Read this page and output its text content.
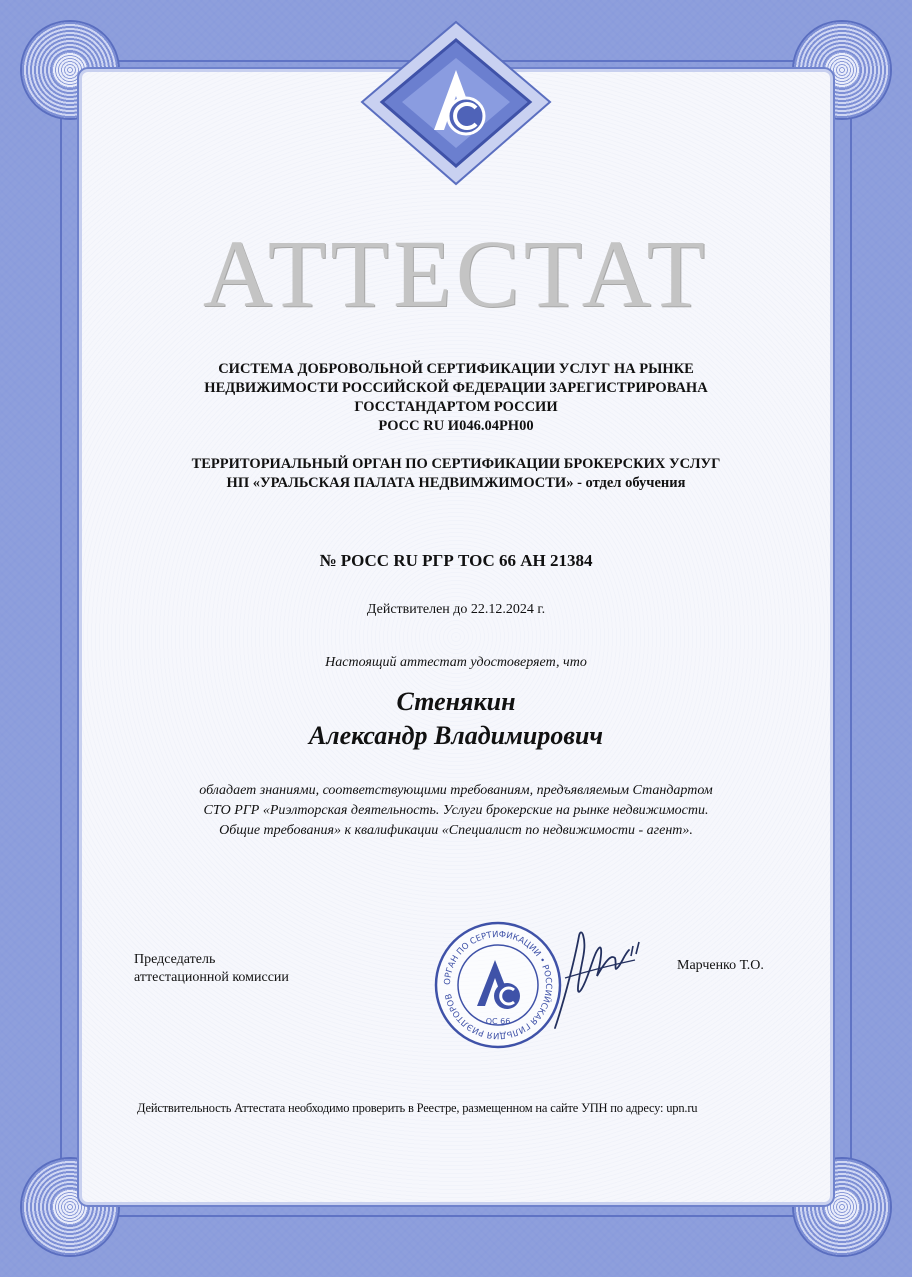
АТТЕСТАТ
СИСТЕМА ДОБРОВОЛЬНОЙ СЕРТИФИКАЦИИ УСЛУГ НА РЫНКЕ
НЕДВИЖИМОСТИ РОССИЙСКОЙ ФЕДЕРАЦИИ ЗАРЕГИСТРИРОВАНА
ГОССТАНДАРТОМ РОССИИ
РОСС RU И046.04РН00
ТЕРРИТОРИАЛЬНЫЙ ОРГАН ПО СЕРТИФИКАЦИИ БРОКЕРСКИХ УСЛУГ
НП «УРАЛЬСКАЯ ПАЛАТА НЕДВИМЖИМОСТИ» - отдел обучения
№ РОСС RU РГР ТОС 66 АН 21384
Действителен до 22.12.2024 г.
Настоящий аттестат удостоверяет, что
Стенякин
Александр Владимирович
обладает знаниями, соответствующими требованиям, предъявляемым Стандартом
СТО РГР «Риэлторская деятельность. Услуги брокерские на рынке недвижимости.
Общие требования» к квалификации «Специалист по недвижимости - агент».
Председатель
аттестационной комиссии	ОРГАН ПО СЕРТИФИКАЦИИ • РОССИЙСКАЯ ГИЛЬДИЯ РИЭЛТОРОВ
ОС 66
Марченко Т.О.
Действительность Аттестата необходимо проверить в Реестре, размещенном на сайте УПН по адресу: upn.ru
